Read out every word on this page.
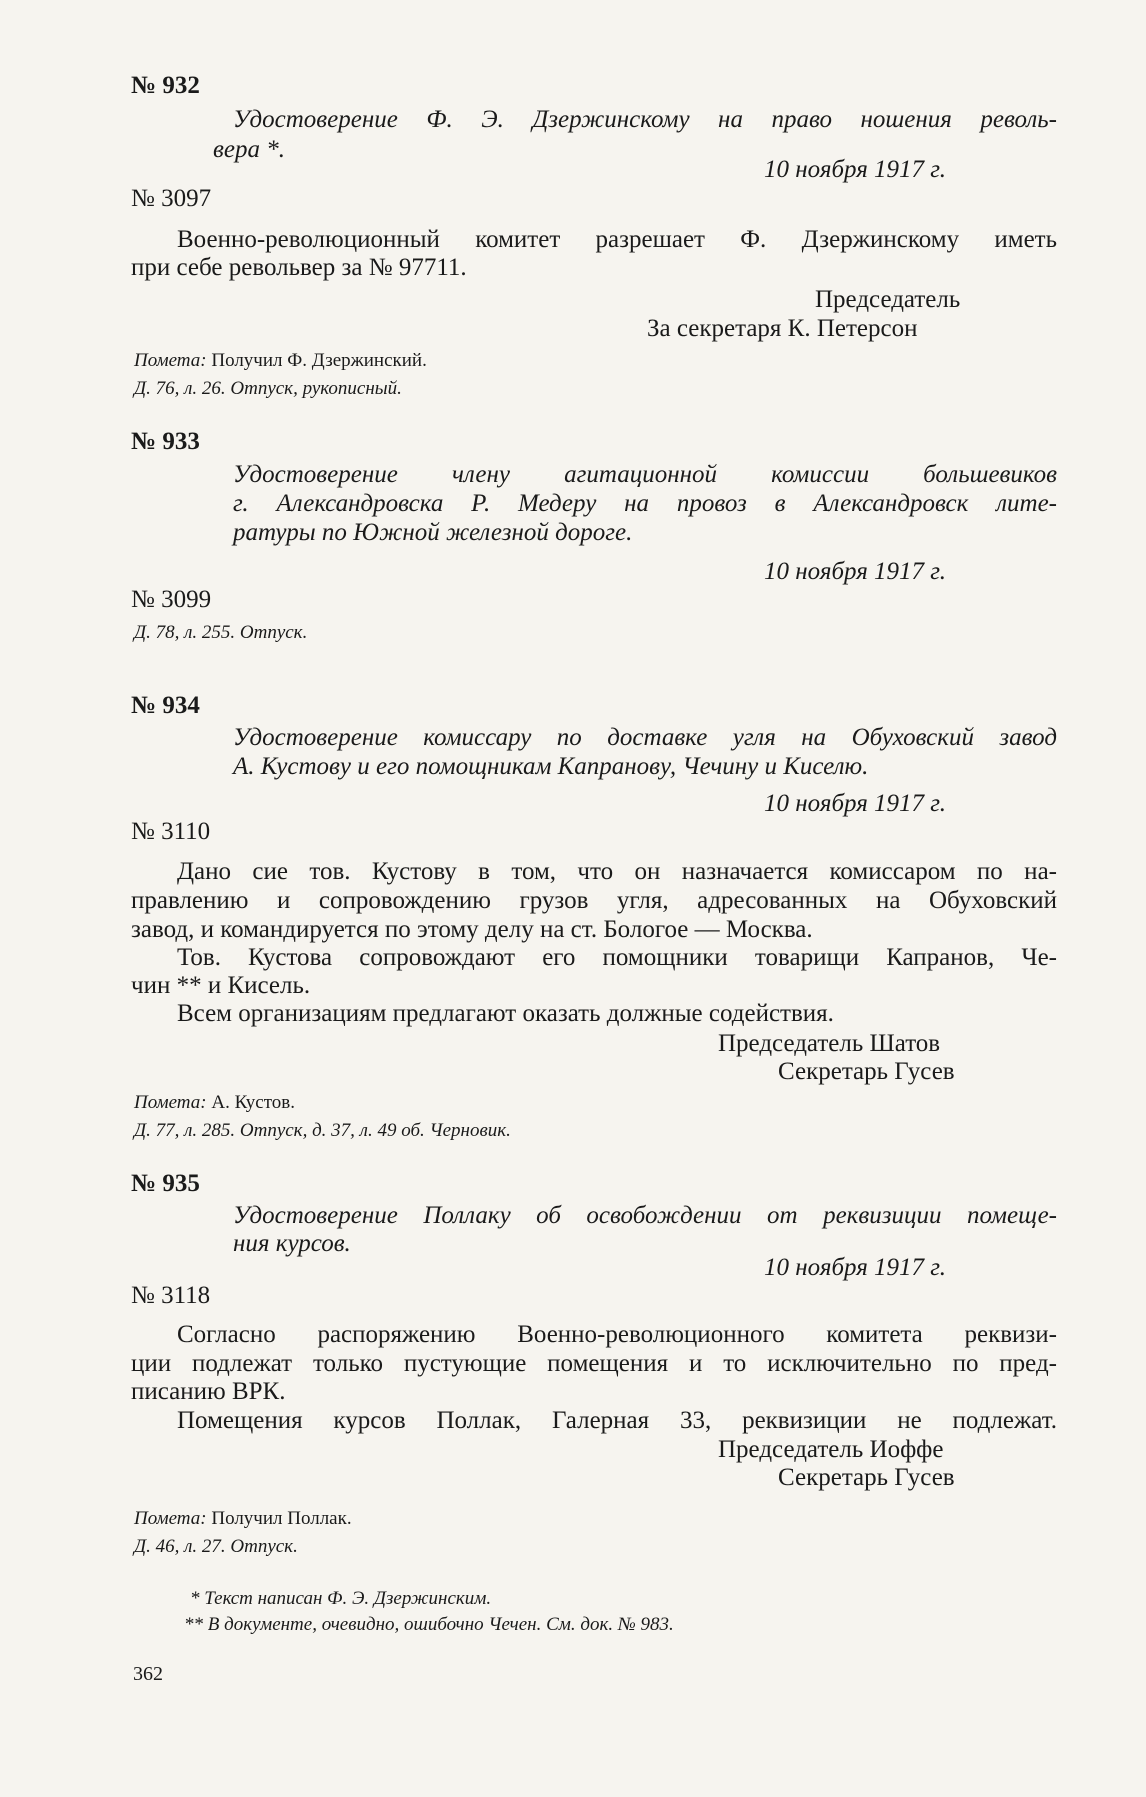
№ 932

Удостоверение Ф. Э. Дзержинскому на право ношения револь-

вера *.

10 ноября 1917 г.

№ 3097

Военно-революционный комитет разрешает Ф. Дзержинскому иметь

при себе револьвер за № 97711.

Председатель

За секретаря К. Петерсон

Помета: Получил Ф. Дзержинский.

Д. 76, л. 26. Отпуск, рукописный.

№ 933

Удостоверение члену агитационной комиссии большевиков

г. Александровска Р. Медеру на провоз в Александровск лите-

ратуры по Южной железной дороге.

10 ноября 1917 г.

№ 3099

Д. 78, л. 255. Отпуск.

№ 934

Удостоверение комиссару по доставке угля на Обуховский завод

А. Кустову и его помощникам Капранову, Чечину и Киселю.

10 ноября 1917 г.

№ 3110

Дано сие тов. Кустову в том, что он назначается комиссаром по на-

правлению и сопровождению грузов угля, адресованных на Обуховский

завод, и командируется по этому делу на ст. Бологое — Москва.

Тов. Кустова сопровождают его помощники товарищи Капранов, Че-

чин ** и Кисель.

Всем организациям предлагают оказать должные содействия.

Председатель Шатов

Секретарь Гусев

Помета: А. Кустов.

Д. 77, л. 285. Отпуск, д. 37, л. 49 об. Черновик.

№ 935

Удостоверение Поллаку об освобождении от реквизиции помеще-

ния курсов.

10 ноября 1917 г.

№ 3118

Согласно распоряжению Военно-революционного комитета реквизи-

ции подлежат только пустующие помещения и то исключительно по пред-

писанию ВРК.

Помещения курсов Поллак, Галерная 33, реквизиции не подлежат.

Председатель Иоффе

Секретарь Гусев

Помета: Получил Поллак.

Д. 46, л. 27. Отпуск.

* Текст написан Ф. Э. Дзержинским.

** В документе, очевидно, ошибочно Чечен. См. док. № 983.

362
